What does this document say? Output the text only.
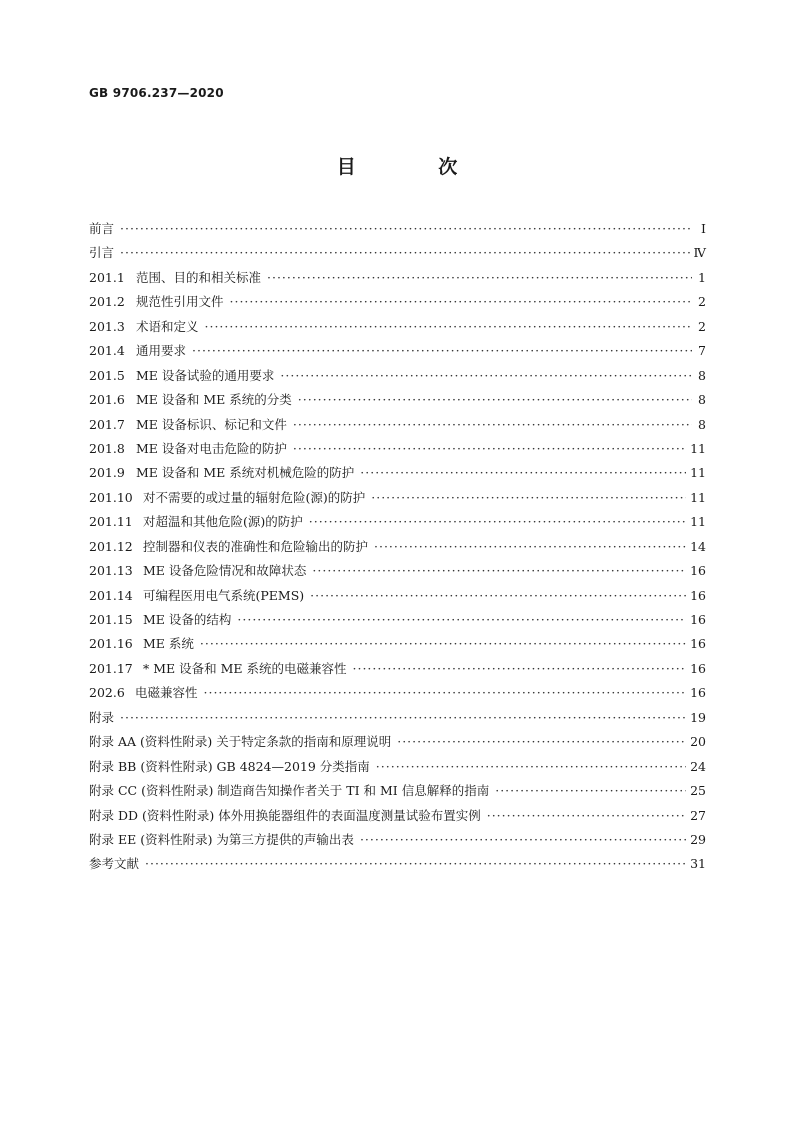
GB 9706.237—2020
目 次
前言 ·····	Ⅰ
引言 ·····	Ⅳ
201.1 范围、目的和相关标准 ·····	1
201.2 规范性引用文件 ·····	2
201.3 术语和定义 ·····	2
201.4 通用要求 ·····	7
201.5 ME 设备试验的通用要求 ·····	8
201.6 ME 设备和 ME 系统的分类 ·····	8
201.7 ME 设备标识、标记和文件 ·····	8
201.8 ME 设备对电击危险的防护 ·····	11
201.9 ME 设备和 ME 系统对机械危险的防护 ·····	11
201.10 对不需要的或过量的辐射危险(源)的防护 ·····	11
201.11 对超温和其他危险(源)的防护 ·····	11
201.12 控制器和仪表的准确性和危险输出的防护 ·····	14
201.13 ME 设备危险情况和故障状态 ·····	16
201.14 可编程医用电气系统(PEMS) ·····	16
201.15 ME 设备的结构 ·····	16
201.16 ME 系统 ·····	16
201.17 * ME 设备和 ME 系统的电磁兼容性 ·····	16
202.6 电磁兼容性 ·····	16
附录 ·····	19
附录 AA (资料性附录) 关于特定条款的指南和原理说明 ·····	20
附录 BB (资料性附录) GB 4824—2019 分类指南 ·····	24
附录 CC (资料性附录) 制造商告知操作者关于 TI 和 MI 信息解释的指南 ·····	25
附录 DD (资料性附录) 体外用换能器组件的表面温度测量试验布置实例 ·····	27
附录 EE (资料性附录) 为第三方提供的声输出表 ·····	29
参考文献 ·····	31
